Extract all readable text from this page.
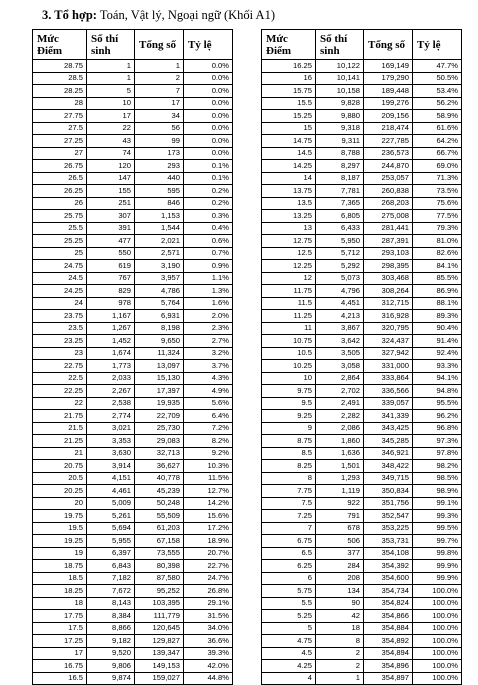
3. Tổ hợp: Toán, Vật lý, Ngoại ngữ (Khối A1)
Mức Điểm	Số thí sinh	Tổng số	Tỷ lệ
28.75	1	1	0.0%
28.5	1	2	0.0%
28.25	5	7	0.0%
28	10	17	0.0%
27.75	17	34	0.0%
27.5	22	56	0.0%
27.25	43	99	0.0%
27	74	173	0.0%
26.75	120	293	0.1%
26.5	147	440	0.1%
26.25	155	595	0.2%
26	251	846	0.2%
25.75	307	1,153	0.3%
25.5	391	1,544	0.4%
25.25	477	2,021	0.6%
25	550	2,571	0.7%
24.75	619	3,190	0.9%
24.5	767	3,957	1.1%
24.25	829	4,786	1.3%
24	978	5,764	1.6%
23.75	1,167	6,931	2.0%
23.5	1,267	8,198	2.3%
23.25	1,452	9,650	2.7%
23	1,674	11,324	3.2%
22.75	1,773	13,097	3.7%
22.5	2,033	15,130	4.3%
22.25	2,267	17,397	4.9%
22	2,538	19,935	5.6%
21.75	2,774	22,709	6.4%
21.5	3,021	25,730	7.2%
21.25	3,353	29,083	8.2%
21	3,630	32,713	9.2%
20.75	3,914	36,627	10.3%
20.5	4,151	40,778	11.5%
20.25	4,461	45,239	12.7%
20	5,009	50,248	14.2%
19.75	5,261	55,509	15.6%
19.5	5,694	61,203	17.2%
19.25	5,955	67,158	18.9%
19	6,397	73,555	20.7%
18.75	6,843	80,398	22.7%
18.5	7,182	87,580	24.7%
18.25	7,672	95,252	26.8%
18	8,143	103,395	29.1%
17.75	8,384	111,779	31.5%
17.5	8,866	120,645	34.0%
17.25	9,182	129,827	36.6%
17	9,520	139,347	39.3%
16.75	9,806	149,153	42.0%
16.5	9,874	159,027	44.8%
Mức Điểm	Số thí sinh	Tổng số	Tỷ lệ
16.25	10,122	169,149	47.7%
16	10,141	179,290	50.5%
15.75	10,158	189,448	53.4%
15.5	9,828	199,276	56.2%
15.25	9,880	209,156	58.9%
15	9,318	218,474	61.6%
14.75	9,311	227,785	64.2%
14.5	8,788	236,573	66.7%
14.25	8,297	244,870	69.0%
14	8,187	253,057	71.3%
13.75	7,781	260,838	73.5%
13.5	7,365	268,203	75.6%
13.25	6,805	275,008	77.5%
13	6,433	281,441	79.3%
12.75	5,950	287,391	81.0%
12.5	5,712	293,103	82.6%
12.25	5,292	298,395	84.1%
12	5,073	303,468	85.5%
11.75	4,796	308,264	86.9%
11.5	4,451	312,715	88.1%
11.25	4,213	316,928	89.3%
11	3,867	320,795	90.4%
10.75	3,642	324,437	91.4%
10.5	3,505	327,942	92.4%
10.25	3,058	331,000	93.3%
10	2,864	333,864	94.1%
9.75	2,702	336,566	94.8%
9.5	2,491	339,057	95.5%
9.25	2,282	341,339	96.2%
9	2,086	343,425	96.8%
8.75	1,860	345,285	97.3%
8.5	1,636	346,921	97.8%
8.25	1,501	348,422	98.2%
8	1,293	349,715	98.5%
7.75	1,119	350,834	98.9%
7.5	922	351,756	99.1%
7.25	791	352,547	99.3%
7	678	353,225	99.5%
6.75	506	353,731	99.7%
6.5	377	354,108	99.8%
6.25	284	354,392	99.9%
6	208	354,600	99.9%
5.75	134	354,734	100.0%
5.5	90	354,824	100.0%
5.25	42	354,866	100.0%
5	18	354,884	100.0%
4.75	8	354,892	100.0%
4.5	2	354,894	100.0%
4.25	2	354,896	100.0%
4	1	354,897	100.0%
